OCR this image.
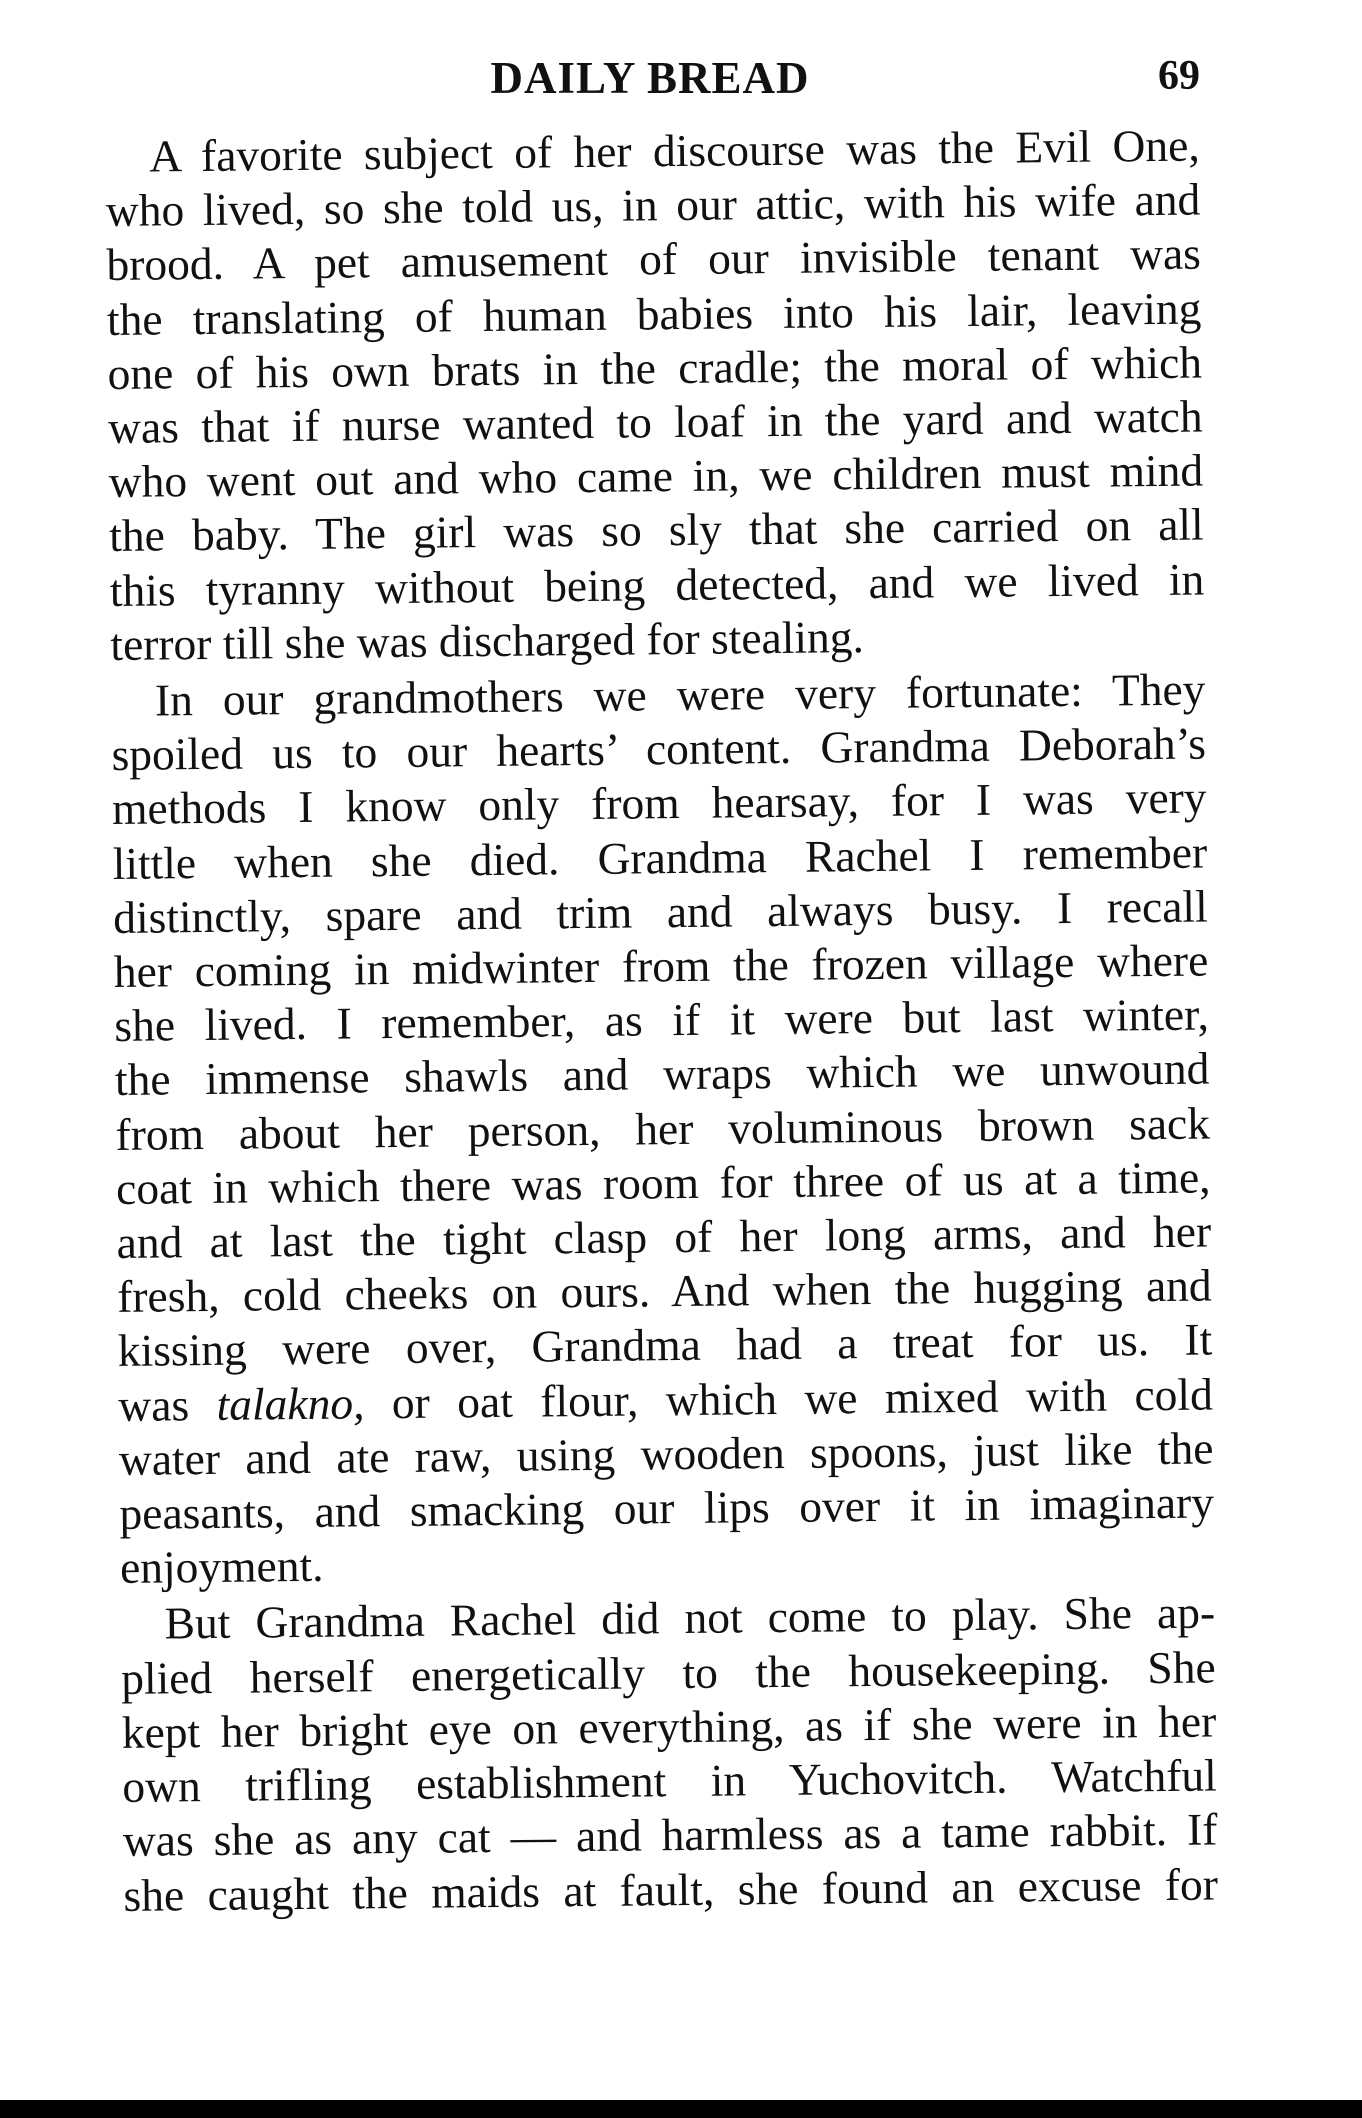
DAILY BREAD	69

A favorite subject of her discourse was the Evil One,
who lived, so she told us, in our attic, with his wife and
brood. A pet amusement of our invisible tenant was
the translating of human babies into his lair, leaving
one of his own brats in the cradle; the moral of which
was that if nurse wanted to loaf in the yard and watch
who went out and who came in, we children must mind
the baby. The girl was so sly that she carried on all
this tyranny without being detected, and we lived in
terror till she was discharged for stealing.

In our grandmothers we were very fortunate: They
spoiled us to our hearts’ content. Grandma Deborah’s
methods I know only from hearsay, for I was very
little when she died. Grandma Rachel I remember
distinctly, spare and trim and always busy. I recall
her coming in midwinter from the frozen village where
she lived. I remember, as if it were but last winter,
the immense shawls and wraps which we unwound
from about her person, her voluminous brown sack
coat in which there was room for three of us at a time,
and at last the tight clasp of her long arms, and her
fresh, cold cheeks on ours. And when the hugging and
kissing were over, Grandma had a treat for us. It
was talakno, or oat flour, which we mixed with cold
water and ate raw, using wooden spoons, just like the
peasants, and smacking our lips over it in imaginary
enjoyment.

But Grandma Rachel did not come to play. She ap-
plied herself energetically to the housekeeping. She
kept her bright eye on everything, as if she were in her
own trifling establishment in Yuchovitch. Watchful
was she as any cat — and harmless as a tame rabbit. If
she caught the maids at fault, she found an excuse for
